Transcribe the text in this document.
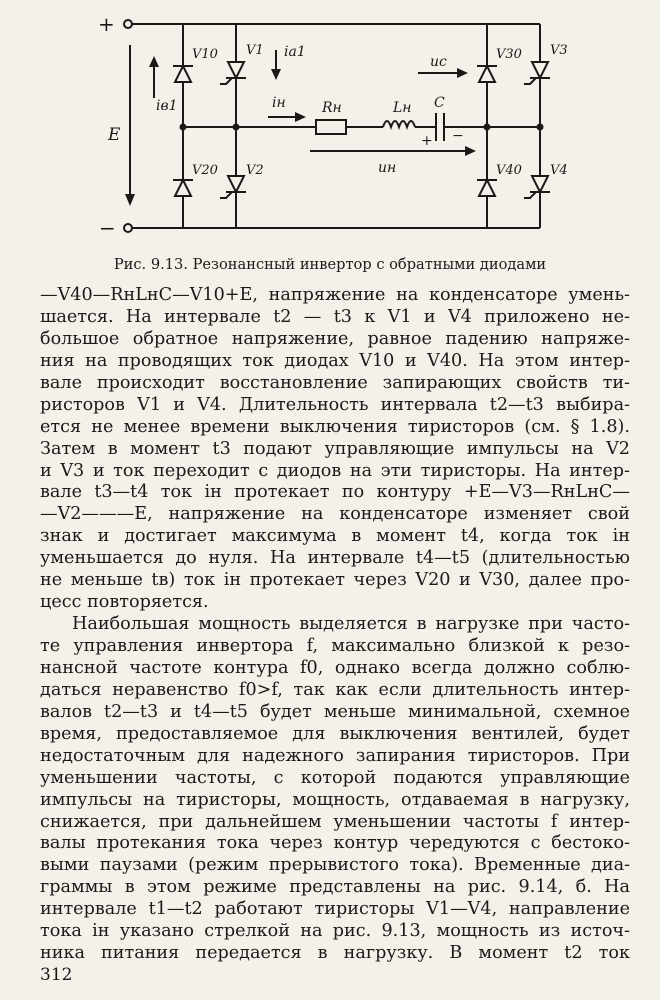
+
−
E
V10 V1 ia1
iв1	iн	Rн	Lн C
+ −
uc
uн
V20 V2
V30 V3
V40 V4
Рис. 9.13. Резонансный инвертор с обратными диодами
—V40—RнLнC—V10+E, напряжение на конденсаторе умень-
шается. На интервале t2 — t3 к V1 и V4 приложено не-
большое обратное напряжение, равное падению напряже-
ния на проводящих ток диодах V10 и V40. На этом интер-
вале происходит восстановление запирающих свойств ти-
ристоров V1 и V4. Длительность интервала t2—t3 выбира-
ется не менее времени выключения тиристоров (см. § 1.8).
Затем в момент t3 подают управляющие импульсы на V2
и V3 и ток переходит с диодов на эти тиристоры. На интер-
вале t3—t4 ток iн протекает по контуру +E—V3—RнLнC—
—V2———E, напряжение на конденсаторе изменяет свой
знак и достигает максимума в момент t4, когда ток iн
уменьшается до нуля. На интервале t4—t5 (длительностью
не меньше tв) ток iн протекает через V20 и V30, далее про-
цесс повторяется.
Наибольшая мощность выделяется в нагрузке при часто-
те управления инвертора f, максимально близкой к резо-
нансной частоте контура f0, однако всегда должно соблю-
даться неравенство f0>f, так как если длительность интер-
валов t2—t3 и t4—t5 будет меньше минимальной, схемное
время, предоставляемое для выключения вентилей, будет
недостаточным для надежного запирания тиристоров. При
уменьшении частоты, с которой подаются управляющие
импульсы на тиристоры, мощность, отдаваемая в нагрузку,
снижается, при дальнейшем уменьшении частоты f интер-
валы протекания тока через контур чередуются с бестоко-
выми паузами (режим прерывистого тока). Временные диа-
граммы в этом режиме представлены на рис. 9.14, б. На
интервале t1—t2 работают тиристоры V1—V4, направление
тока iн указано стрелкой на рис. 9.13, мощность из источ-
ника питания передается в нагрузку. В момент t2 ток
312
